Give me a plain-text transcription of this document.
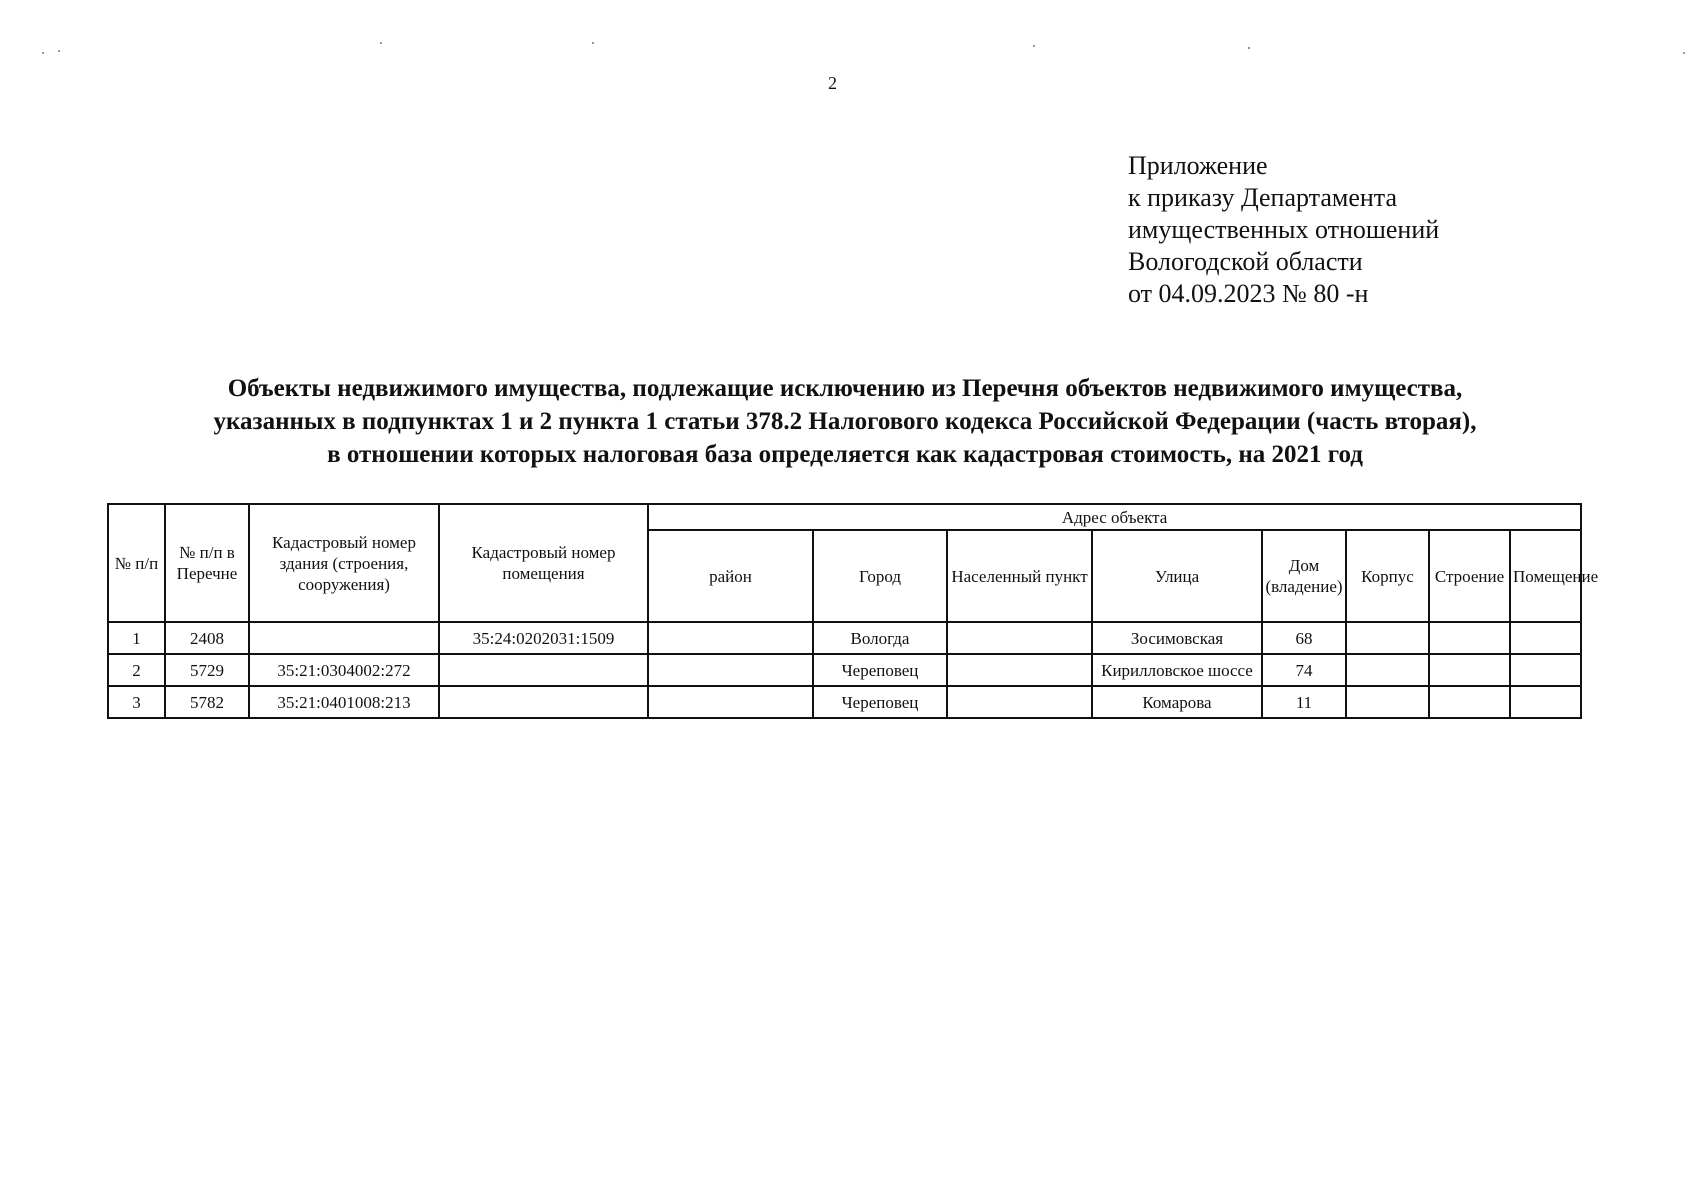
2
Приложение
к приказу Департамента
имущественных отношений
Вологодской области
от 04.09.2023 № 80 -н
Объекты недвижимого имущества, подлежащие исключению из Перечня объектов недвижимого имущества,
указанных в подпунктах 1 и 2 пункта 1 статьи 378.2 Налогового кодекса Российской Федерации (часть вторая),
в отношении которых налоговая база определяется как кадастровая стоимость, на 2021 год
№ п/п	№ п/п в Перечне	Кадастровый номер здания (строения, сооружения)	Кадастровый номер помещения	Адрес объекта							
				район	Город	Населенный пункт	Улица	Дом (владение)	Корпус	Строение	Помещение
1	2408		35:24:0202031:1509		Вологда		Зосимовская	68			
2	5729	35:21:0304002:272			Череповец		Кирилловское шоссе	74			
3	5782	35:21:0401008:213			Череповец		Комарова	11			
